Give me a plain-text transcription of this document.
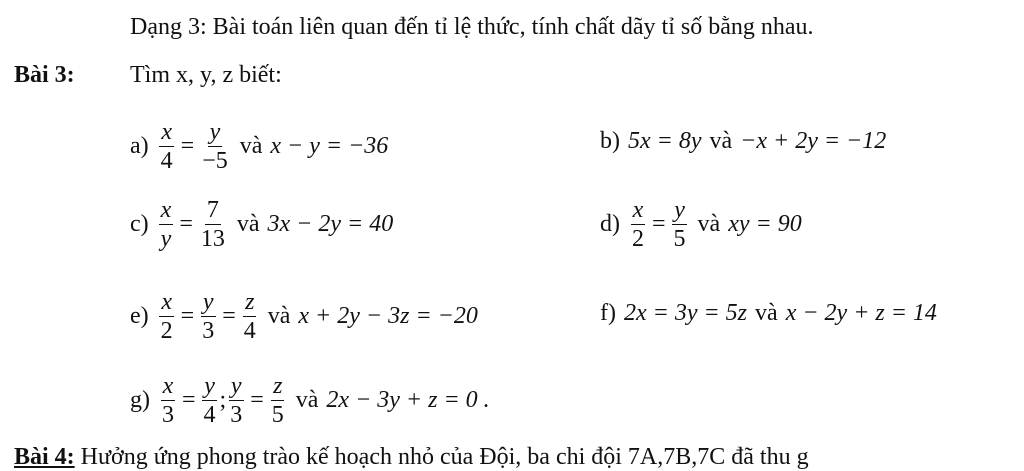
Dạng 3: Bài toán liên quan đến tỉ lệ thức, tính chất dãy tỉ số bằng nhau.
Bài 3: Tìm x, y, z biết:
$a) \frac{x}{4} = \frac{y}{-5}$ và x − y = −36	b) 5x = 8y và −x + 2y = −12
$c) \frac{x}{y} = \frac{7}{13}$ và 3x − 2y = 40	$d) \frac{x}{2} = \frac{y}{5}$ và xy = 90
$e) \frac{x}{2} = \frac{y}{3} = \frac{z}{4}$ và x + 2y − 3z = −20	f) 2x = 3y = 5z và x − 2y + z = 14
$g) \frac{x}{3} = \frac{y}{4}$ ; $\frac{y}{3} = \frac{z}{5}$ và 2x − 3y + z = 0 .
Bài 4: Hưởng ứng phong trào kế hoạch nhỏ của Đội, ba chi đội 7A,7B,7C đã thu g
